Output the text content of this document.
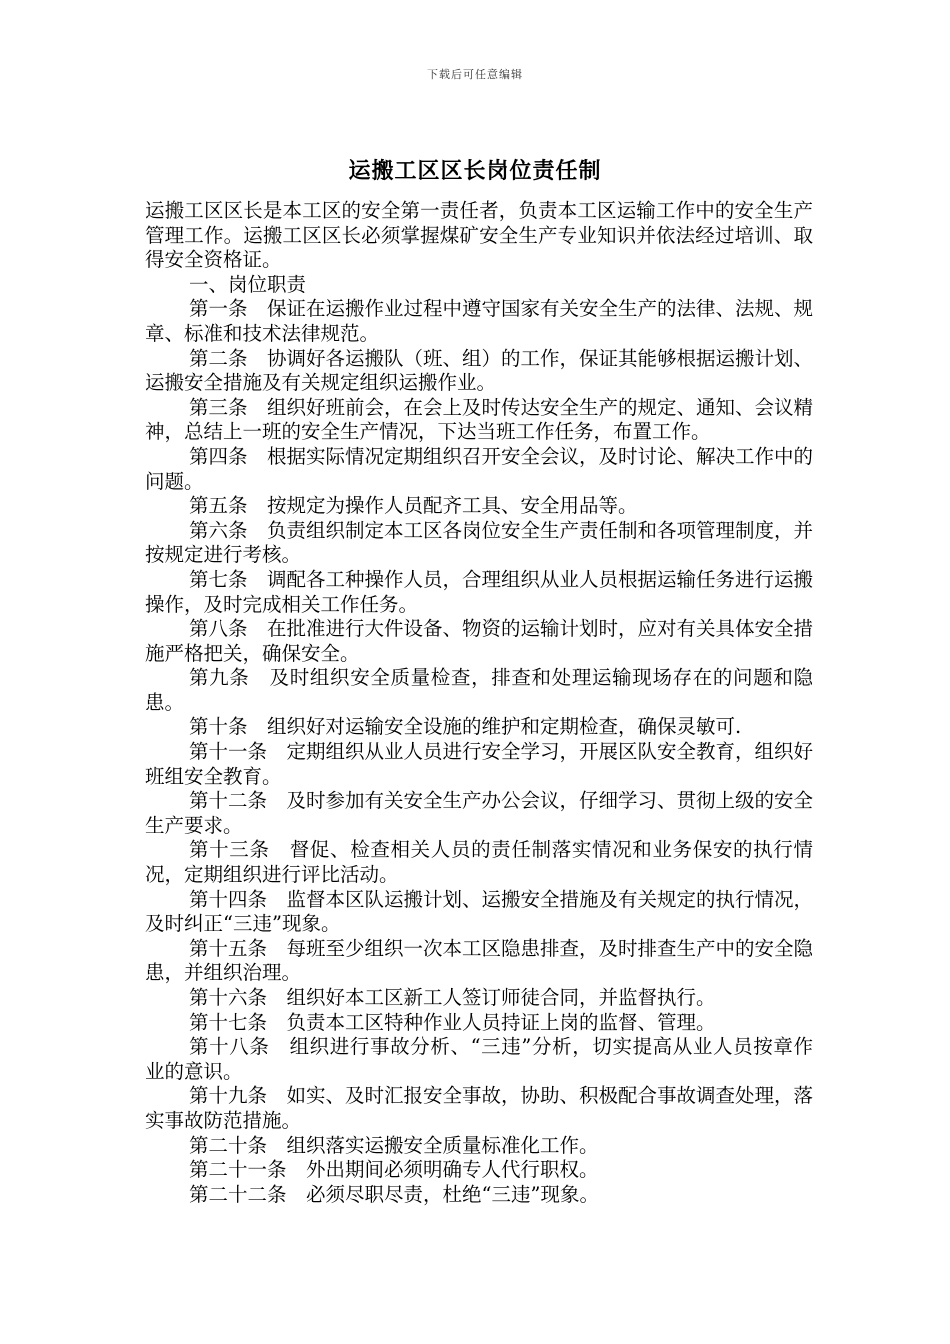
下载后可任意编辑
运搬工区区长岗位责任制

运搬工区区长是本工区的安全第一责任者，负责本工区运输工作中的安全生产管理工作。运搬工区区长必须掌握煤矿安全生产专业知识并依法经过培训、取得安全资格证。

一、岗位职责

第一条　保证在运搬作业过程中遵守国家有关安全生产的法律、法规、规章、标准和技术法律规范。

第二条　协调好各运搬队（班、组）的工作，保证其能够根据运搬计划、运搬安全措施及有关规定组织运搬作业。

第三条　组织好班前会，在会上及时传达安全生产的规定、通知、会议精神，总结上一班的安全生产情况，下达当班工作任务，布置工作。

第四条　根据实际情况定期组织召开安全会议，及时讨论、解决工作中的问题。

第五条　按规定为操作人员配齐工具、安全用品等。

第六条　负责组织制定本工区各岗位安全生产责任制和各项管理制度，并按规定进行考核。

第七条　调配各工种操作人员，合理组织从业人员根据运输任务进行运搬操作，及时完成相关工作任务。

第八条　在批准进行大件设备、物资的运输计划时，应对有关具体安全措施严格把关，确保安全。

第九条　及时组织安全质量检查，排查和处理运输现场存在的问题和隐患。

第十条　组织好对运输安全设施的维护和定期检查，确保灵敏可.

第十一条　定期组织从业人员进行安全学习，开展区队安全教育，组织好班组安全教育。

第十二条　及时参加有关安全生产办公会议，仔细学习、贯彻上级的安全生产要求。

第十三条　督促、检查相关人员的责任制落实情况和业务保安的执行情况，定期组织进行评比活动。

第十四条　监督本区队运搬计划、运搬安全措施及有关规定的执行情况，及时纠正“三违”现象。

第十五条　每班至少组织一次本工区隐患排查，及时排查生产中的安全隐患，并组织治理。

第十六条　组织好本工区新工人签订师徒合同，并监督执行。

第十七条　负责本工区特种作业人员持证上岗的监督、管理。

第十八条　组织进行事故分析、“三违”分析，切实提高从业人员按章作业的意识。

第十九条　如实、及时汇报安全事故，协助、积极配合事故调查处理，落实事故防范措施。

第二十条　组织落实运搬安全质量标准化工作。

第二十一条　外出期间必须明确专人代行职权。

第二十二条　必须尽职尽责，杜绝“三违”现象。
